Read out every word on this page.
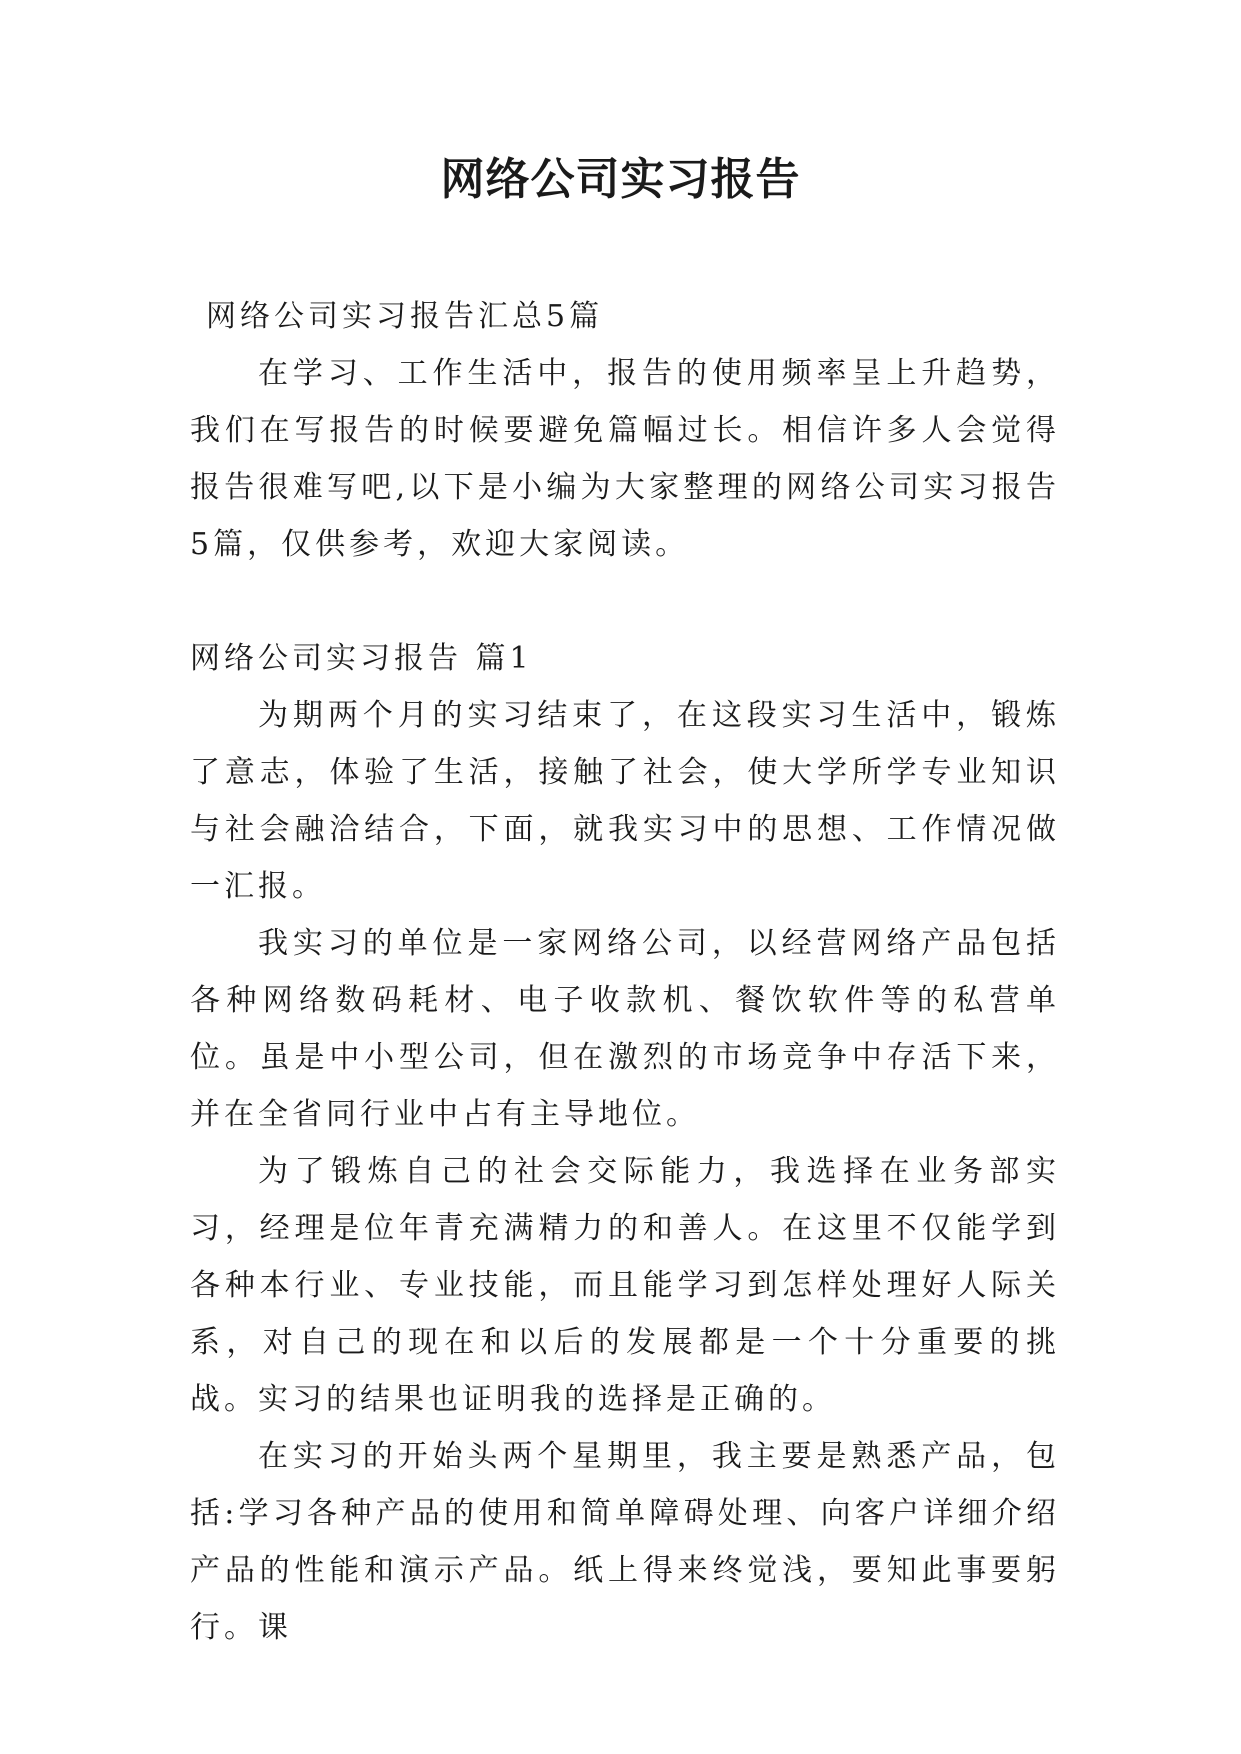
网络公司实习报告

网络公司实习报告汇总5篇

在学习、工作生活中，报告的使用频率呈上升趋势，我们在写报告的时候要避免篇幅过长。相信许多人会觉得报告很难写吧,以下是小编为大家整理的网络公司实习报告5篇，仅供参考，欢迎大家阅读。

网络公司实习报告 篇1

为期两个月的实习结束了，在这段实习生活中，锻炼了意志，体验了生活，接触了社会，使大学所学专业知识与社会融洽结合，下面，就我实习中的思想、工作情况做一汇报。

我实习的单位是一家网络公司，以经营网络产品包括各种网络数码耗材、电子收款机、餐饮软件等的私营单位。虽是中小型公司，但在激烈的市场竞争中存活下来，并在全省同行业中占有主导地位。

为了锻炼自己的社会交际能力，我选择在业务部实习，经理是位年青充满精力的和善人。在这里不仅能学到各种本行业、专业技能，而且能学习到怎样处理好人际关系，对自己的现在和以后的发展都是一个十分重要的挑战。实习的结果也证明我的选择是正确的。

在实习的开始头两个星期里，我主要是熟悉产品，包括:学习各种产品的使用和简单障碍处理、向客户详细介绍产品的性能和演示产品。纸上得来终觉浅，要知此事要躬行。课
